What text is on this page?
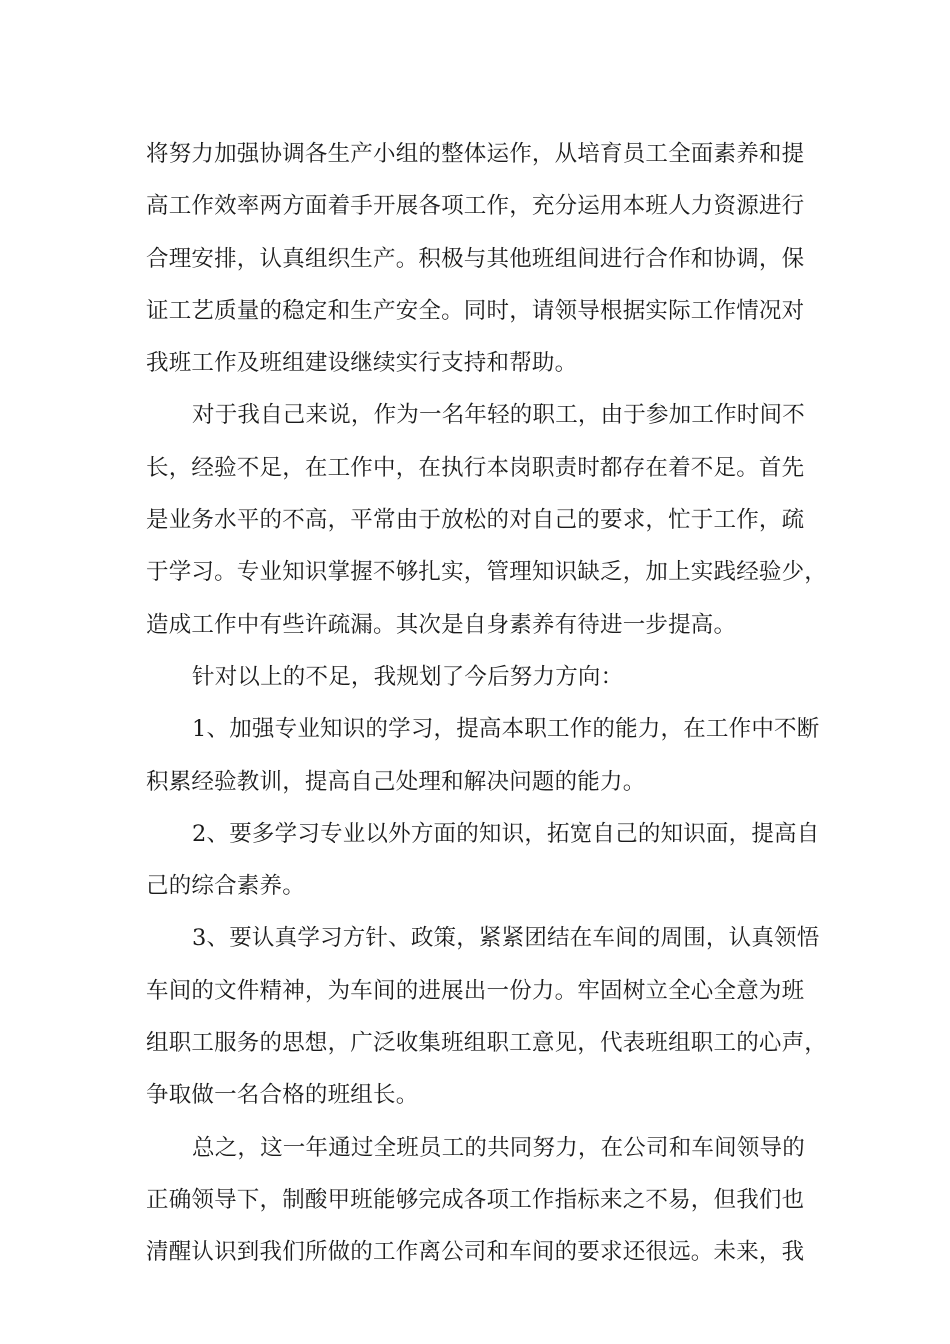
将努力加强协调各生产小组的整体运作，从培育员工全面素养和提
高工作效率两方面着手开展各项工作，充分运用本班人力资源进行
合理安排，认真组织生产。积极与其他班组间进行合作和协调，保
证工艺质量的稳定和生产安全。同时，请领导根据实际工作情况对
我班工作及班组建设继续实行支持和帮助。
对于我自己来说，作为一名年轻的职工，由于参加工作时间不
长，经验不足，在工作中，在执行本岗职责时都存在着不足。首先
是业务水平的不高，平常由于放松的对自己的要求，忙于工作，疏
于学习。专业知识掌握不够扎实，管理知识缺乏，加上实践经验少，
造成工作中有些许疏漏。其次是自身素养有待进一步提高。
针对以上的不足，我规划了今后努力方向：
1、加强专业知识的学习，提高本职工作的能力，在工作中不断
积累经验教训，提高自己处理和解决问题的能力。
2、要多学习专业以外方面的知识，拓宽自己的知识面，提高自
己的综合素养。
3、要认真学习方针、政策，紧紧团结在车间的周围，认真领悟
车间的文件精神，为车间的进展出一份力。牢固树立全心全意为班
组职工服务的思想，广泛收集班组职工意见，代表班组职工的心声，
争取做一名合格的班组长。
总之，这一年通过全班员工的共同努力，在公司和车间领导的
正确领导下，制酸甲班能够完成各项工作指标来之不易，但我们也
清醒认识到我们所做的工作离公司和车间的要求还很远。未来，我
